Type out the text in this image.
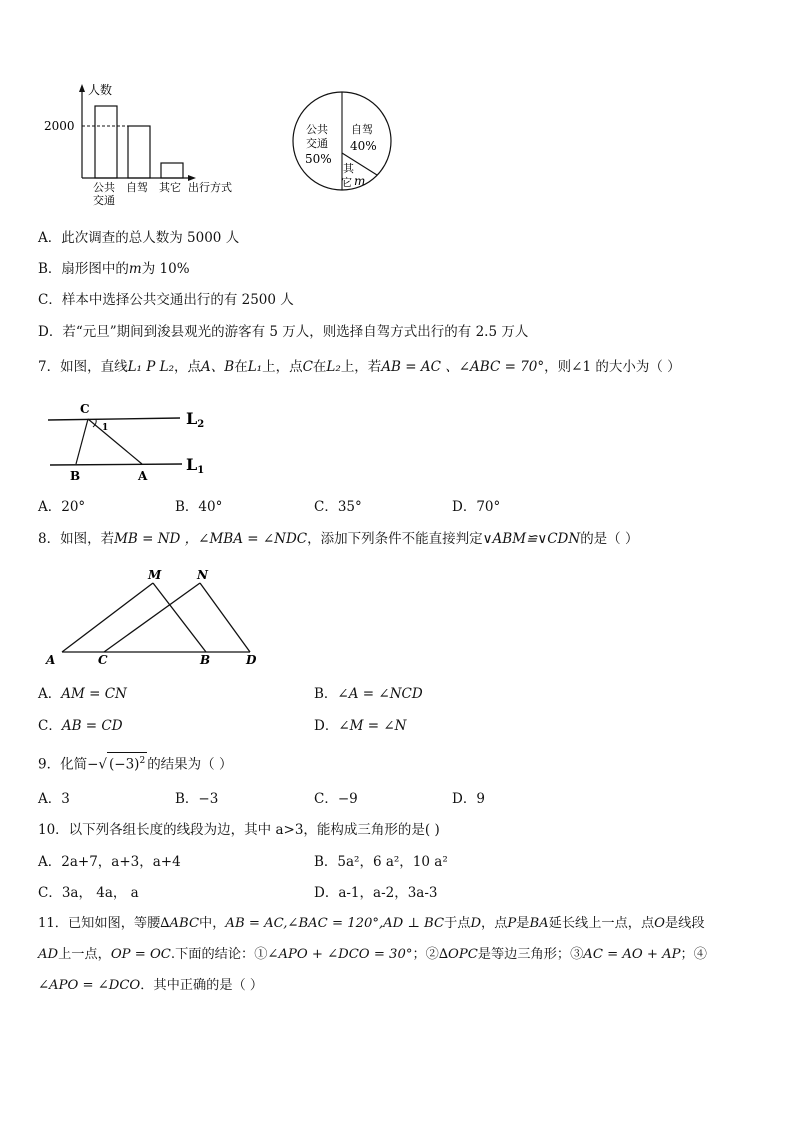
人数
2000
公共
交通
自驾 其它 出行方式
公共
交通
50%
自驾
40%
其
它 m
A．此次调查的总人数为 5000 人
B．扇形图中的m为 10%
C．样本中选择公共交通出行的有 2500 人
D．若“元旦”期间到浚县观光的游客有 5 万人，则选择自驾方式出行的有 2.5 万人
7．如图，直线L₁ P L₂，点A、B在L₁上，点C在L₂上，若AB = AC 、∠ABC = 70°，则∠1 的大小为（ ）
C
1
B	A
L2
L1
A．20°	B．40°	C．35°	D．70°
8．如图，若MB = ND ，∠MBA = ∠NDC，添加下列条件不能直接判定∨ABM≌∨CDN的是（ ）
M	N
A	C	B	D
A．AM = CN	B．∠A = ∠NCD
C．AB = CD	D．∠M = ∠N
9．化简−√ $(-3)^2$ 的结果为（ ）
A．3	B．−3	C．−9	D．9
10．以下列各组长度的线段为边，其中 a>3，能构成三角形的是( )
A．2a+7，a+3，a+4	B．5a²，6 a²，10 a²
C．3a， 4a， a	D．a-1，a-2，3a-3
11．已知如图，等腰∆ABC中，AB = AC,∠BAC = 120°,AD ⊥ BC于点D，点P是BA延长线上一点，点O是线段
AD上一点，OP = OC.下面的结论：①∠APO + ∠DCO = 30°；②∆OPC是等边三角形；③AC = AO + AP；④
∠APO = ∠DCO．其中正确的是（ ）
